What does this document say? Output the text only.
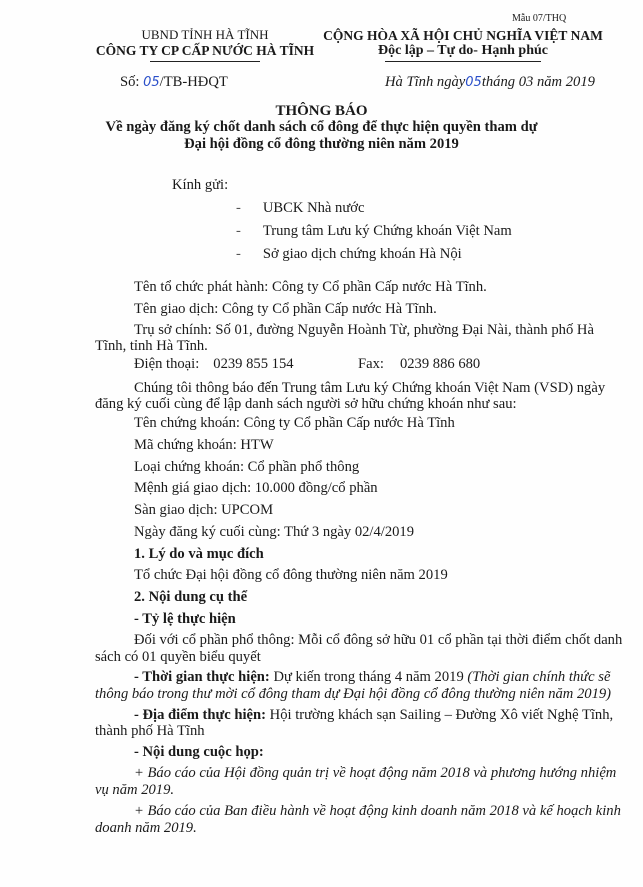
Mẫu 07/THQ
UBND TỈNH HÀ TĨNH
CÔNG TY CP CẤP NƯỚC HÀ TĨNH
CỘNG HÒA XÃ HỘI CHỦ NGHĨA VIỆT NAM
Độc lập – Tự do- Hạnh phúc
Số: 05/TB-HĐQT	Hà Tĩnh ngày05tháng 03 năm 2019
THÔNG BÁO
Về ngày đăng ký chốt danh sách cổ đông để thực hiện quyền tham dự
Đại hội đồng cổ đông thường niên năm 2019
Kính gửi:
- UBCK Nhà nước
- Trung tâm Lưu ký Chứng khoán Việt Nam
- Sở giao dịch chứng khoán Hà Nội
Tên tổ chức phát hành: Công ty Cổ phần Cấp nước Hà Tĩnh.
Tên giao dịch: Công ty Cổ phần Cấp nước Hà Tĩnh.
Trụ sở chính: Số 01, đường Nguyễn Hoành Từ, phường Đại Nài, thành phố Hà
Tĩnh, tỉnh Hà Tĩnh.
Điện thoại: 0239 855 154	Fax: 0239 886 680
Chúng tôi thông báo đến Trung tâm Lưu ký Chứng khoán Việt Nam (VSD) ngày
đăng ký cuối cùng để lập danh sách người sở hữu chứng khoán như sau:
Tên chứng khoán: Công ty Cổ phần Cấp nước Hà Tĩnh
Mã chứng khoán: HTW
Loại chứng khoán: Cổ phần phổ thông
Mệnh giá giao dịch: 10.000 đồng/cổ phần
Sàn giao dịch: UPCOM
Ngày đăng ký cuối cùng: Thứ 3 ngày 02/4/2019
1. Lý do và mục đích
Tổ chức Đại hội đồng cổ đông thường niên năm 2019
2. Nội dung cụ thể
- Tỷ lệ thực hiện
Đối với cổ phần phổ thông: Mỗi cổ đông sở hữu 01 cổ phần tại thời điểm chốt danh
sách có 01 quyền biểu quyết
- Thời gian thực hiện: Dự kiến trong tháng 4 năm 2019 (Thời gian chính thức sẽ
thông báo trong thư mời cổ đông tham dự Đại hội đồng cổ đông thường niên năm 2019)
- Địa điểm thực hiện: Hội trường khách sạn Sailing – Đường Xô viết Nghệ Tĩnh,
thành phố Hà Tĩnh
- Nội dung cuộc họp:
+ Báo cáo của Hội đồng quản trị về hoạt động năm 2018 và phương hướng nhiệm
vụ năm 2019.
+ Báo cáo của Ban điều hành về hoạt động kinh doanh năm 2018 và kế hoạch kinh
doanh năm 2019.
